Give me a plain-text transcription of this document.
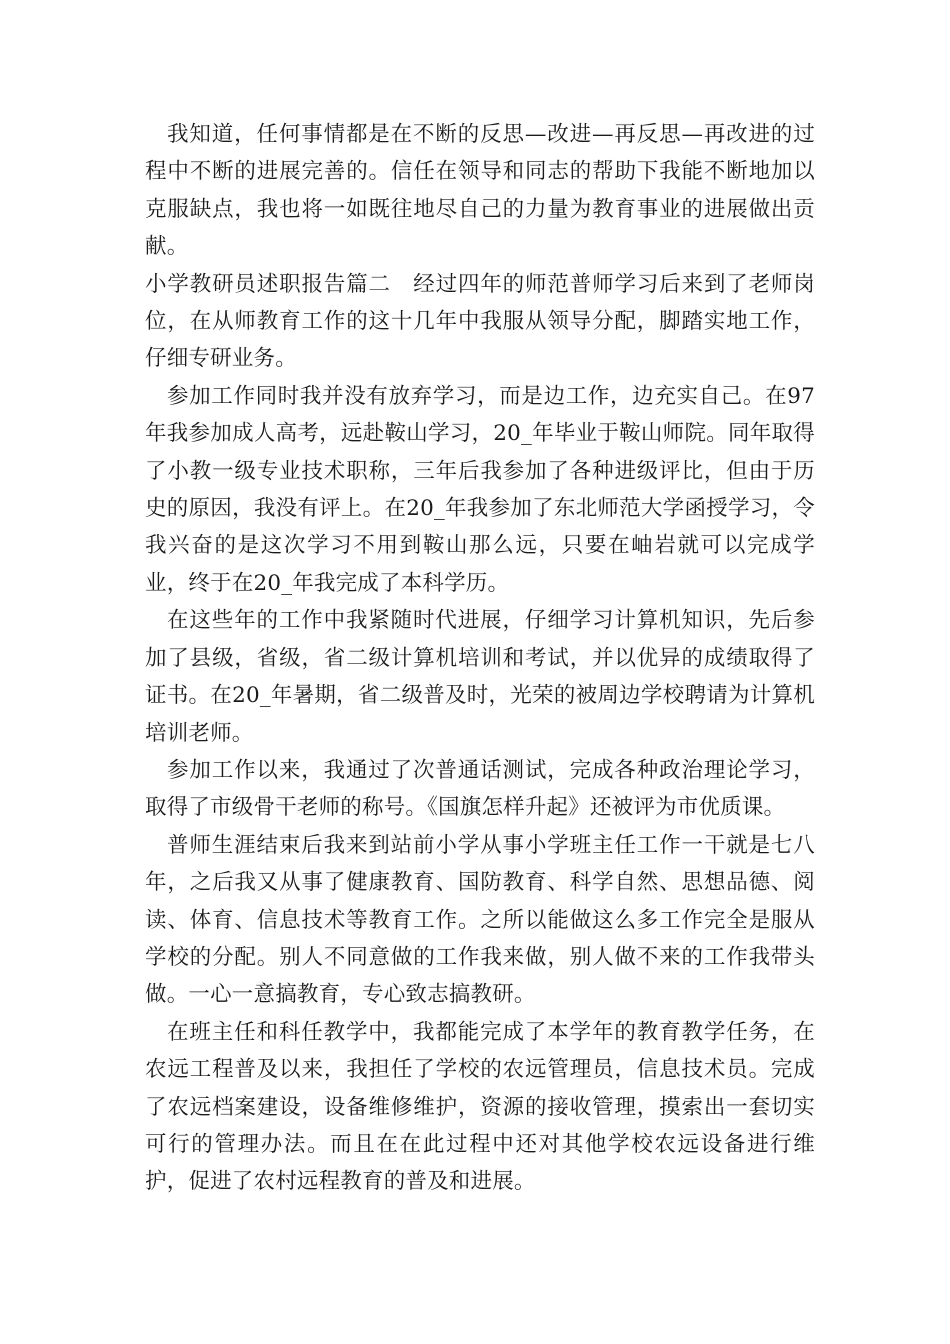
我知道，任何事情都是在不断的反思—改进—再反思—再改进的过程中不断的进展完善的。信任在领导和同志的帮助下我能不断地加以克服缺点，我也将一如既往地尽自己的力量为教育事业的进展做出贡献。

小学教研员述职报告篇二　经过四年的师范普师学习后来到了老师岗位，在从师教育工作的这十几年中我服从领导分配，脚踏实地工作，仔细专研业务。

参加工作同时我并没有放弃学习，而是边工作，边充实自己。在97年我参加成人高考，远赴鞍山学习，20_年毕业于鞍山师院。同年取得了小教一级专业技术职称，三年后我参加了各种进级评比，但由于历史的原因，我没有评上。在20_年我参加了东北师范大学函授学习，令我兴奋的是这次学习不用到鞍山那么远，只要在岫岩就可以完成学业，终于在20_年我完成了本科学历。

在这些年的工作中我紧随时代进展，仔细学习计算机知识，先后参加了县级，省级，省二级计算机培训和考试，并以优异的成绩取得了证书。在20_年暑期，省二级普及时，光荣的被周边学校聘请为计算机培训老师。

参加工作以来，我通过了次普通话测试，完成各种政治理论学习，取得了市级骨干老师的称号。《国旗怎样升起》还被评为市优质课。

普师生涯结束后我来到站前小学从事小学班主任工作一干就是七八年，之后我又从事了健康教育、国防教育、科学自然、思想品德、阅读、体育、信息技术等教育工作。之所以能做这么多工作完全是服从学校的分配。别人不同意做的工作我来做，别人做不来的工作我带头做。一心一意搞教育，专心致志搞教研。

在班主任和科任教学中，我都能完成了本学年的教育教学任务，在农远工程普及以来，我担任了学校的农远管理员，信息技术员。完成了农远档案建设，设备维修维护，资源的接收管理，摸索出一套切实可行的管理办法。而且在在此过程中还对其他学校农远设备进行维护，促进了农村远程教育的普及和进展。
